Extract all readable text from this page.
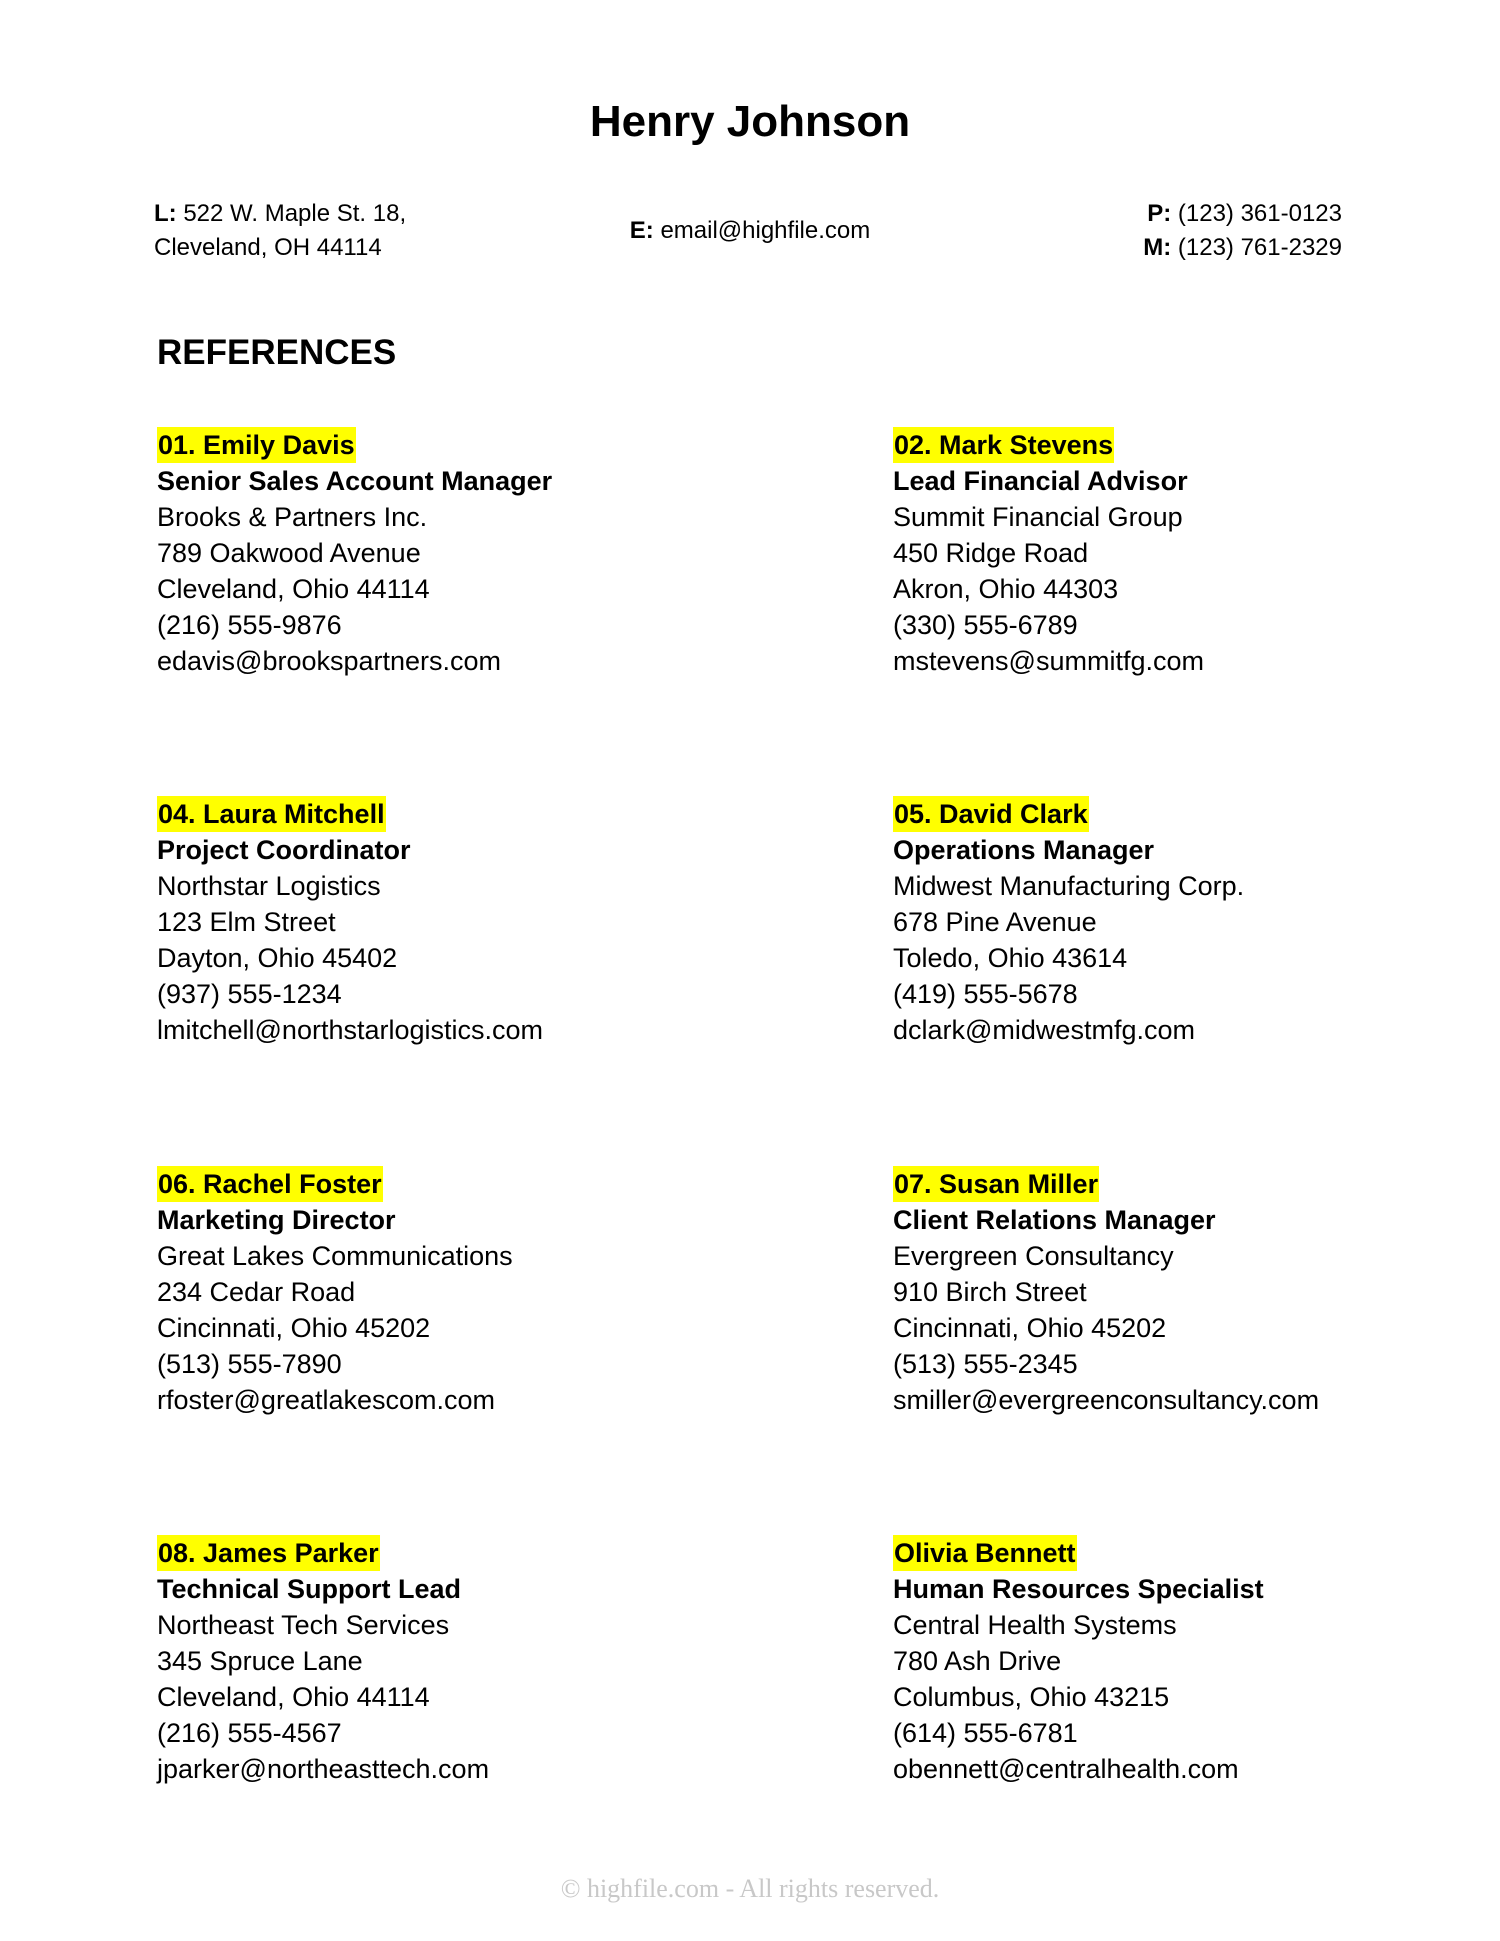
Henry Johnson
L: 522 W. Maple St. 18,
Cleveland, OH 44114
E: email@highfile.com
P: (123) 361-0123
M: (123) 761-2329
REFERENCES
01. Emily Davis
Senior Sales Account Manager
Brooks & Partners Inc.
789 Oakwood Avenue
Cleveland, Ohio 44114
(216) 555-9876
edavis@brookspartners.com
02. Mark Stevens
Lead Financial Advisor
Summit Financial Group
450 Ridge Road
Akron, Ohio 44303
(330) 555-6789
mstevens@summitfg.com
04. Laura Mitchell
Project Coordinator
Northstar Logistics
123 Elm Street
Dayton, Ohio 45402
(937) 555-1234
lmitchell@northstarlogistics.com
05. David Clark
Operations Manager
Midwest Manufacturing Corp.
678 Pine Avenue
Toledo, Ohio 43614
(419) 555-5678
dclark@midwestmfg.com
06. Rachel Foster
Marketing Director
Great Lakes Communications
234 Cedar Road
Cincinnati, Ohio 45202
(513) 555-7890
rfoster@greatlakescom.com
07. Susan Miller
Client Relations Manager
Evergreen Consultancy
910 Birch Street
Cincinnati, Ohio 45202
(513) 555-2345
smiller@evergreenconsultancy.com
08. James Parker
Technical Support Lead
Northeast Tech Services
345 Spruce Lane
Cleveland, Ohio 44114
(216) 555-4567
jparker@northeasttech.com
Olivia Bennett
Human Resources Specialist
Central Health Systems
780 Ash Drive
Columbus, Ohio 43215
(614) 555-6781
obennett@centralhealth.com
© highfile.com - All rights reserved.
